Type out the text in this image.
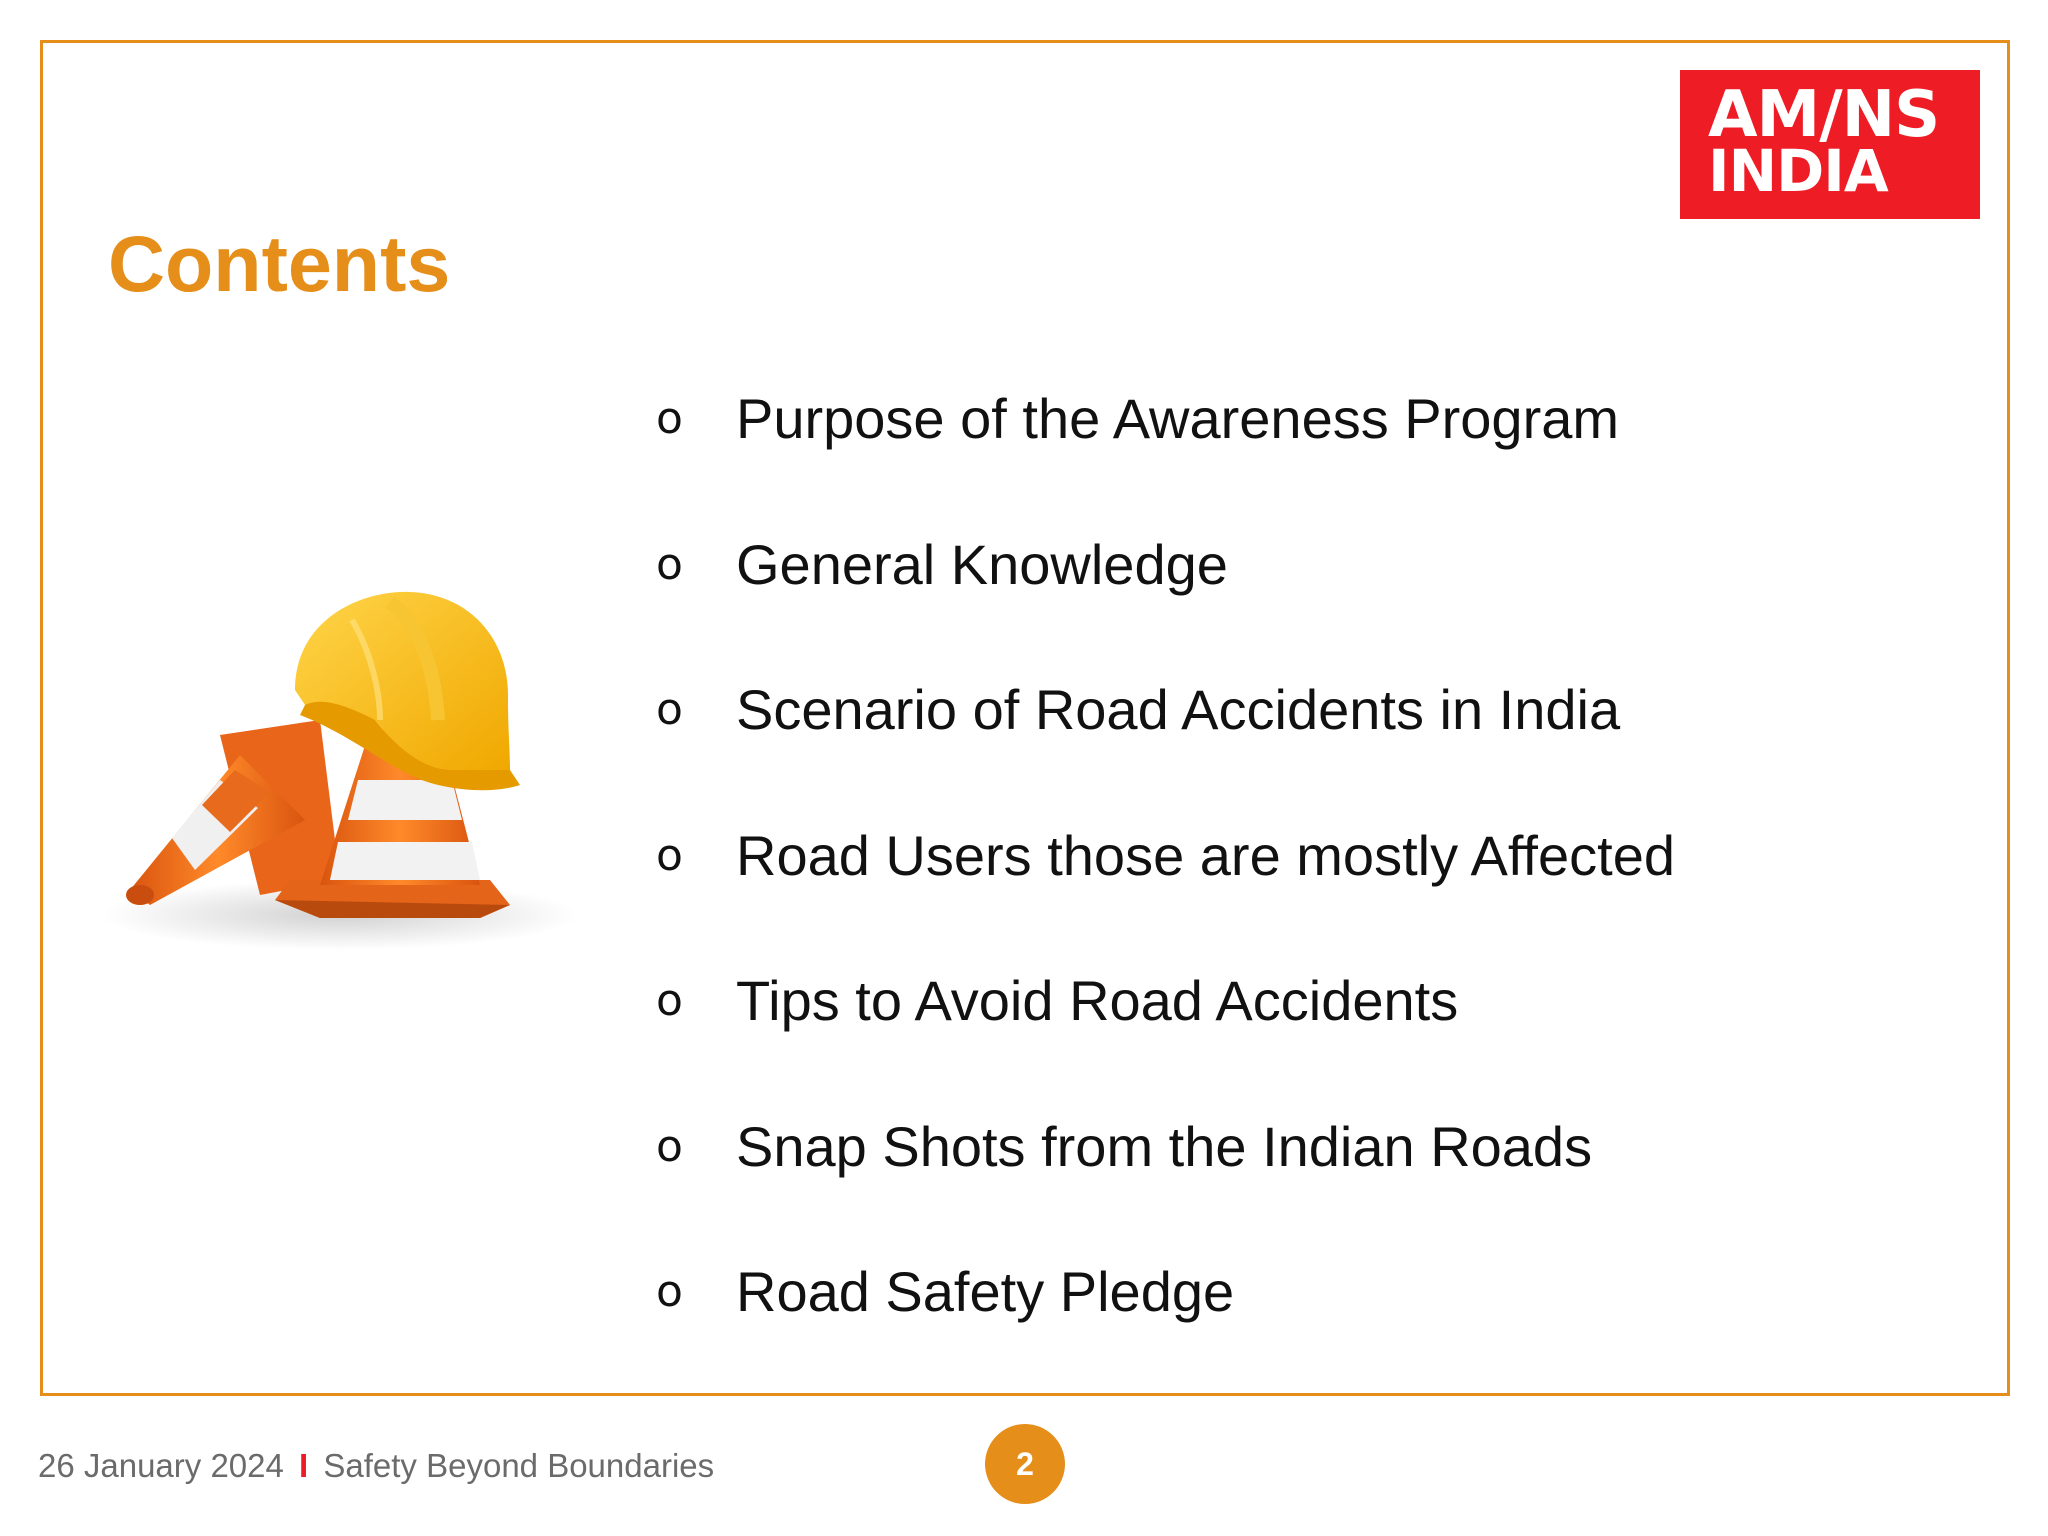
AM/NS
INDIA
Contents
o Purpose of the Awareness Program
o General Knowledge
o Scenario of Road Accidents in India
o Road Users those are mostly Affected
o Tips to Avoid Road Accidents
o Snap Shots from the Indian Roads
o Road Safety Pledge
26 January 2024 I Safety Beyond Boundaries	2
